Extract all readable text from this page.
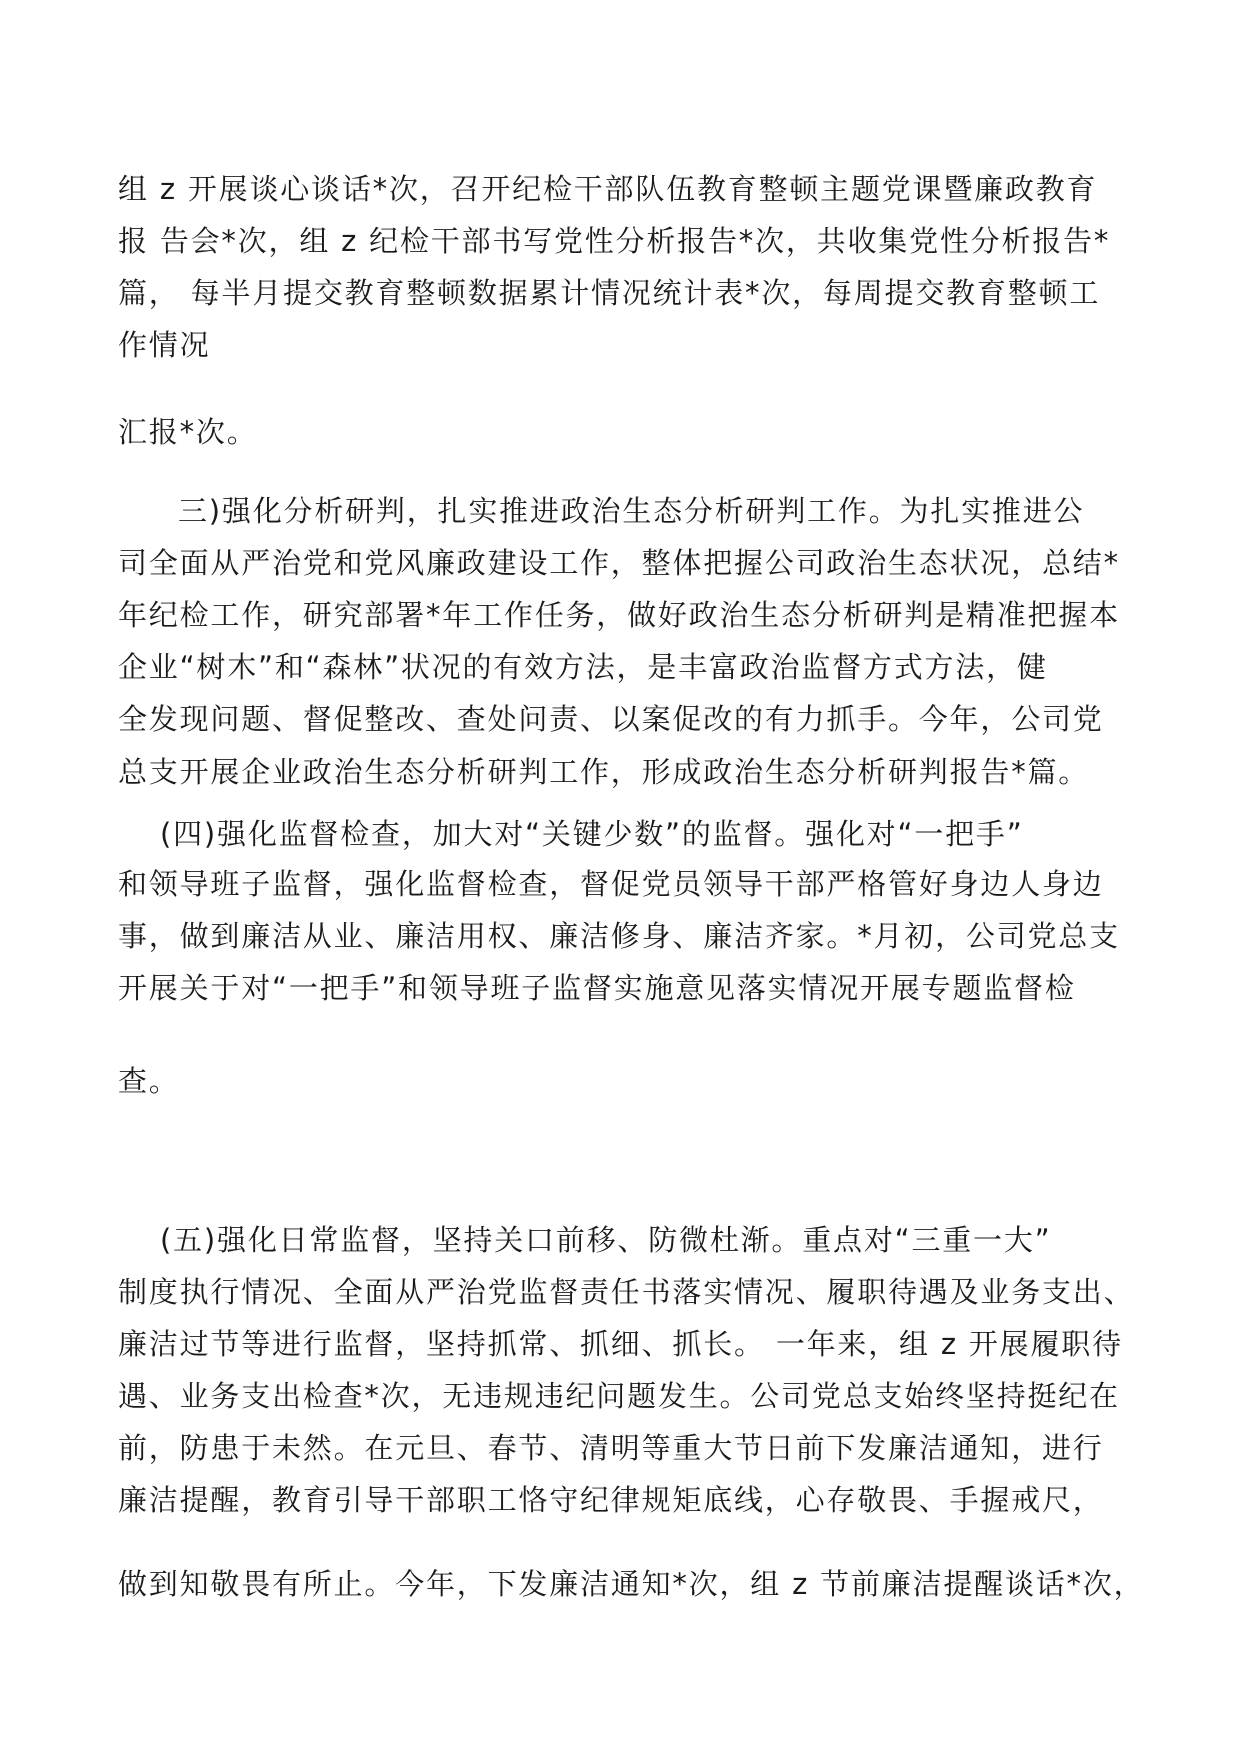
组 z 开展谈心谈话*次，召开纪检干部队伍教育整顿主题党课暨廉政教育
报 告会*次，组 z 纪检干部书写党性分析报告*次，共收集党性分析报告*
篇， 每半月提交教育整顿数据累计情况统计表*次，每周提交教育整顿工
作情况
汇报*次。
三)强化分析研判，扎实推进政治生态分析研判工作。为扎实推进公
司全面从严治党和党风廉政建设工作，整体把握公司政治生态状况，总结*
年纪检工作，研究部署*年工作任务，做好政治生态分析研判是精准把握本
企业“树木”和“森林”状况的有效方法，是丰富政治监督方式方法，健
全发现问题、督促整改、查处问责、以案促改的有力抓手。今年，公司党
总支开展企业政治生态分析研判工作，形成政治生态分析研判报告*篇。
(四)强化监督检查，加大对“关键少数”的监督。强化对“一把手”
和领导班子监督，强化监督检查，督促党员领导干部严格管好身边人身边
事，做到廉洁从业、廉洁用权、廉洁修身、廉洁齐家。*月初，公司党总支
开展关于对“一把手”和领导班子监督实施意见落实情况开展专题监督检
查。
(五)强化日常监督，坚持关口前移、防微杜渐。重点对“三重一大”
制度执行情况、全面从严治党监督责任书落实情况、履职待遇及业务支出、
廉洁过节等进行监督，坚持抓常、抓细、抓长。 一年来，组 z 开展履职待
遇、业务支出检查*次，无违规违纪问题发生。公司党总支始终坚持挺纪在
前，防患于未然。在元旦、春节、清明等重大节日前下发廉洁通知，进行
廉洁提醒，教育引导干部职工恪守纪律规矩底线，心存敬畏、手握戒尺，
做到知敬畏有所止。今年，下发廉洁通知*次，组 z 节前廉洁提醒谈话*次，
